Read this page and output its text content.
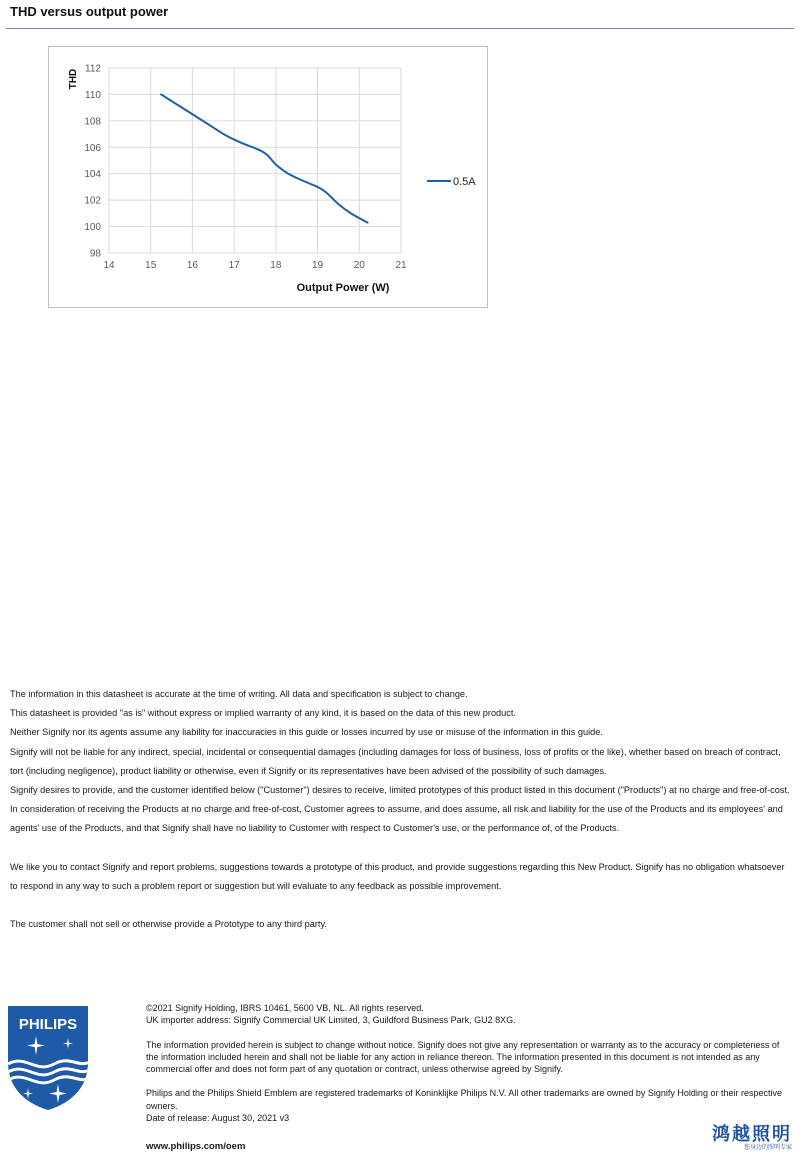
THD versus output power
98
100
102
104
106
108
110
112
14	15	16	17	18	19	20	21
Output Power (W)
THD
0.5A

The information in this datasheet is accurate at the time of writing. All data and specification is subject to change.

This datasheet is provided "as is" without express or implied warranty of any kind, it is based on the data of this new product.

Neither Signify nor its agents assume any liability for inaccuracies in this guide or losses incurred by use or misuse of the information in this guide.

Signify will not be liable for any indirect, special, incidental or consequential damages (including damages for loss of business, loss of profits or the like), whether based on breach of contract, tort (including negligence), product liability or otherwise, even if Signify or its representatives have been advised of the possibility of such damages.

Signify desires to provide, and the customer identified below ("Customer") desires to receive, limited prototypes of this product listed in this document ("Products") at no charge and free-of-cost. In consideration of receiving the Products at no charge and free-of-cost, Customer agrees to assume, and does assume, all risk and liability for the use of the Products and its employees' and agents' use of the Products, and that Signify shall have no liability to Customer with respect to Customer's use, or the performance of, of the Products.

We like you to contact Signify and report problems, suggestions towards a prototype of this product, and provide suggestions regarding this New Product. Signify has no obligation whatsoever to respond in any way to such a problem report or suggestion but will evaluate to any feedback as possible improvement.

The customer shall not sell or otherwise provide a Prototype to any third party.

PHILIPS

©2021 Signify Holding, IBRS 10461, 5600 VB, NL. All rights reserved.

UK importer address: Signify Commercial UK Limited, 3, Guildford Business Park, GU2 8XG.

The information provided herein is subject to change without notice. Signify does not give any representation or warranty as to the accuracy or completeness of the information included herein and shall not be liable for any action in reliance thereon. The information presented in this document is not intended as any commercial offer and does not form part of any quotation or contract, unless otherwise agreed by Signify.

Philips and the Philips Shield Emblem are registered trademarks of Koninklijke Philips N.V. All other trademarks are owned by Signify Holding or their respective owners.

Date of release: August 30, 2021 v3

www.philips.com/oem
鸿越照明
您身边的照明专家
